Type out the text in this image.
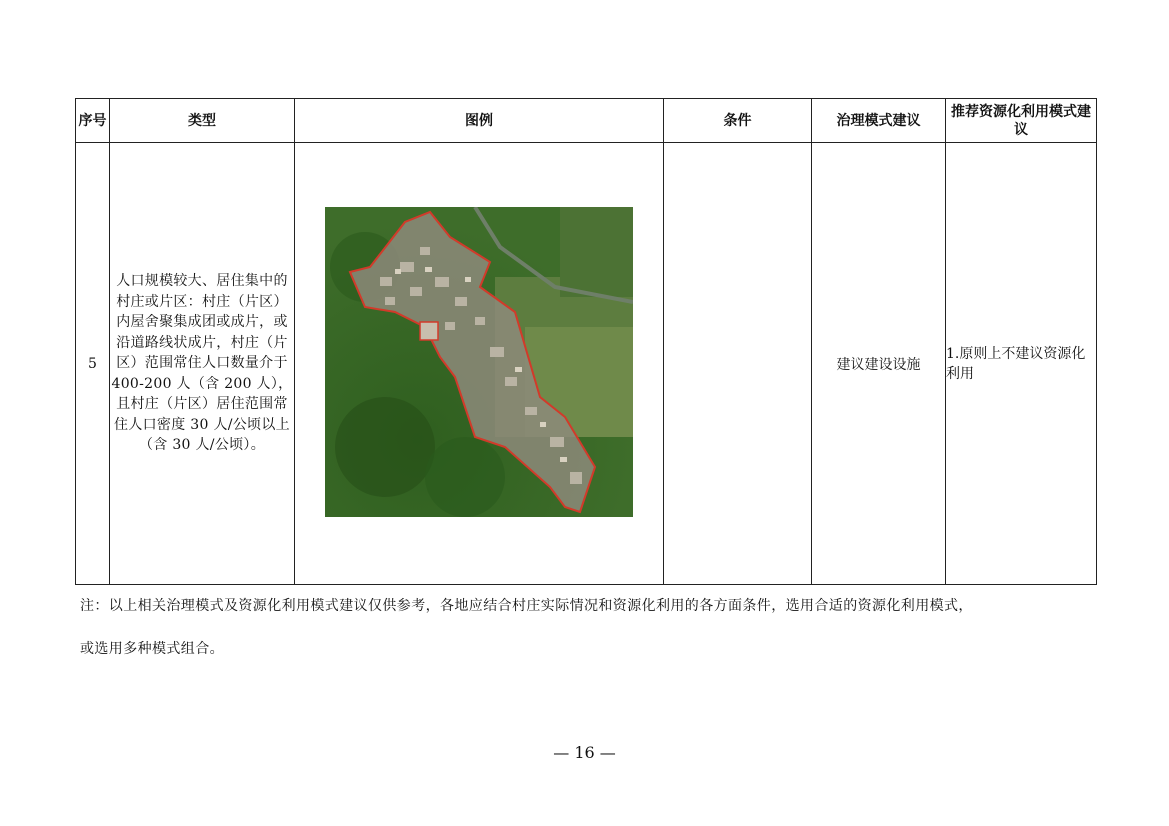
序号	类型	图例	条件	治理模式建议	推荐资源化利用模式建议
5	人口规模较大、居住集中的村庄或片区：村庄（片区）内屋舍聚集成团或成片，或沿道路线状成片，村庄（片区）范围常住人口数量介于 400-200 人（含 200 人），且村庄（片区）居住范围常住人口密度 30 人/公顷以上（含 30 人/公顷）。			建议建设设施	1.原则上不建议资源化利用
注：以上相关治理模式及资源化利用模式建议仅供参考，各地应结合村庄实际情况和资源化利用的各方面条件，选用合适的资源化利用模式，
或选用多种模式组合。
— 16 —
